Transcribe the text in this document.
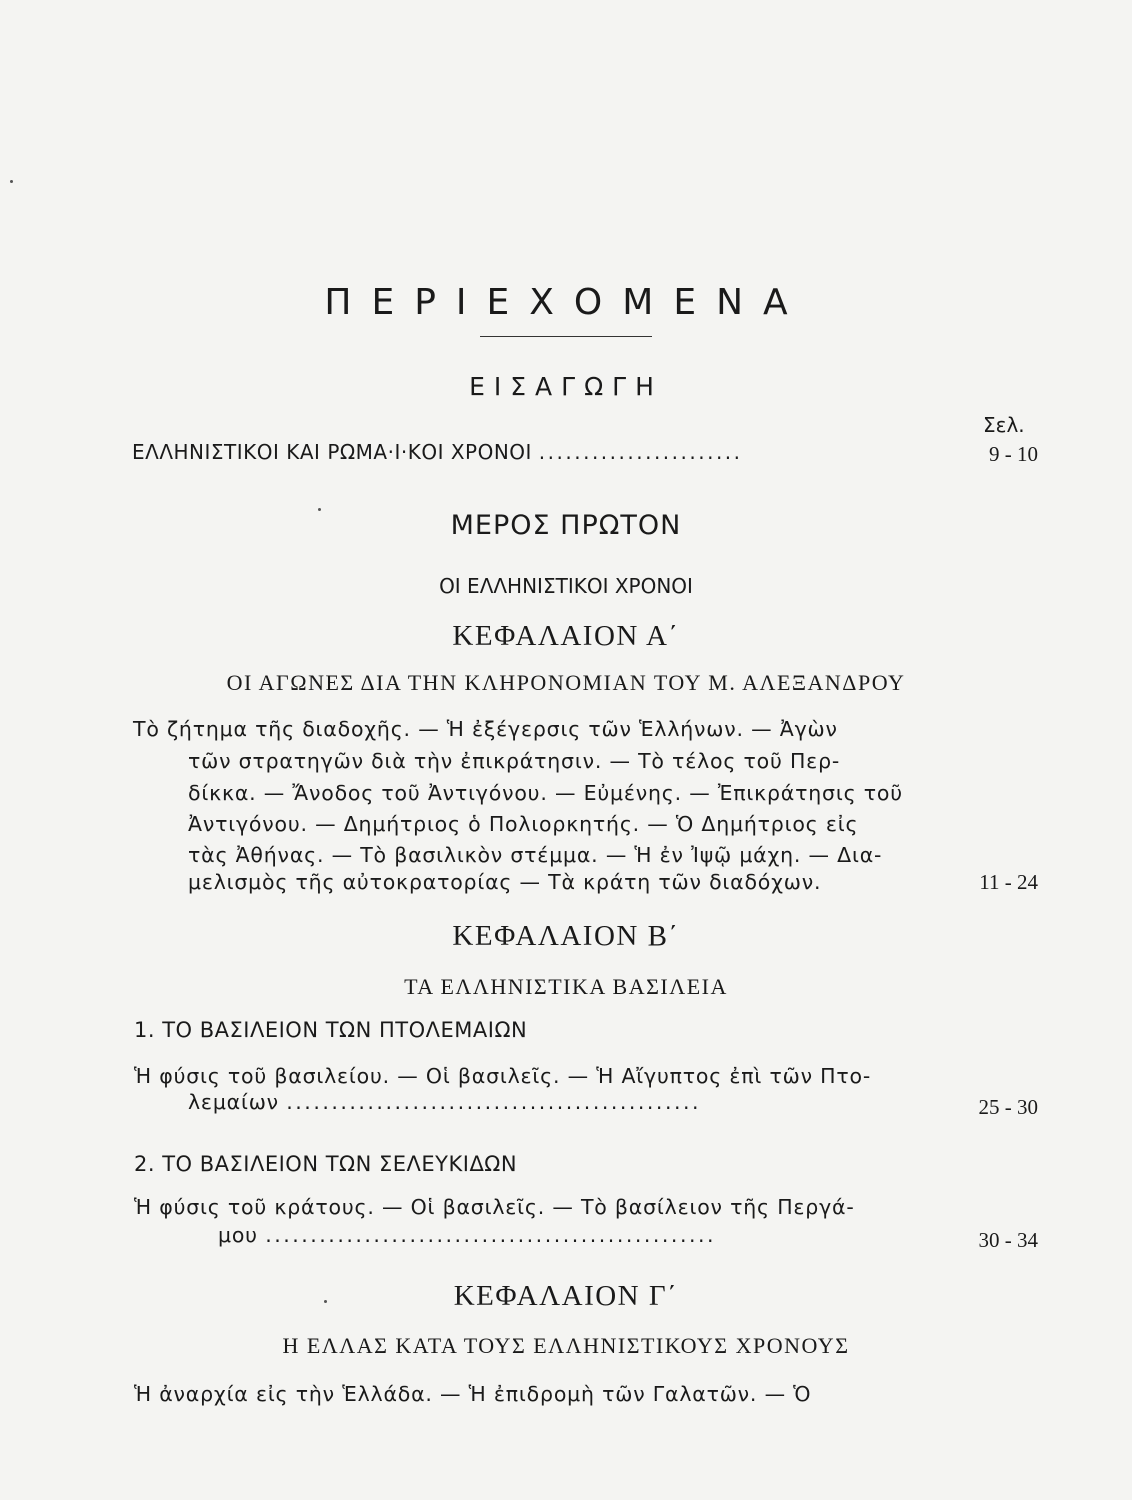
ΠΕΡΙΕΧΟΜΕΝΑ
ΕΙΣΑΓΩΓΗ
Σελ.
ΕΛΛΗΝΙΣΤΙΚΟΙ ΚΑΙ ΡΩΜΑ·Ι·ΚΟΙ ΧΡΟΝΟΙ .......................	9 - 10
ΜΕΡΟΣ ΠΡΩΤΟΝ
ΟΙ ΕΛΛΗΝΙΣΤΙΚΟΙ ΧΡΟΝΟΙ
ΚΕΦΑΛΑΙΟΝ Α΄
ΟΙ ΑΓΩΝΕΣ ΔΙΑ ΤΗΝ ΚΛΗΡΟΝΟΜΙΑΝ ΤΟΥ Μ. ΑΛΕΞΑΝΔΡΟΥ
Τὸ ζήτημα τῆς διαδοχῆς. — Ἡ ἐξέγερσις τῶν Ἑλλήνων. — Ἀγὼν
τῶν στρατηγῶν διὰ τὴν ἐπικράτησιν. — Τὸ τέλος τοῦ Περ-
δίκκα. — Ἄνοδος τοῦ Ἀντιγόνου. — Εὐμένης. — Ἐπικράτησις τοῦ
Ἀντιγόνου. — Δημήτριος ὁ Πολιορκητής. — Ὁ Δημήτριος εἰς
τὰς Ἀθήνας. — Τὸ βασιλικὸν στέμμα. — Ἡ ἐν Ἰψῷ μάχη. — Δια-
μελισμὸς τῆς αὐτοκρατορίας — Τὰ κράτη τῶν διαδόχων.	11 - 24
ΚΕΦΑΛΑΙΟΝ Β΄
ΤΑ ΕΛΛΗΝΙΣΤΙΚΑ ΒΑΣΙΛΕΙΑ
1. ΤΟ ΒΑΣΙΛΕΙΟΝ ΤΩΝ ΠΤΟΛΕΜΑΙΩΝ
Ἡ φύσις τοῦ βασιλείου. — Οἱ βασιλεῖς. — Ἡ Αἴγυπτος ἐπὶ τῶν Πτο-
λεμαίων ..............................................	25 - 30
2. ΤΟ ΒΑΣΙΛΕΙΟΝ ΤΩΝ ΣΕΛΕΥΚΙΔΩΝ
Ἡ φύσις τοῦ κράτους. — Οἱ βασιλεῖς. — Τὸ βασίλειον τῆς Περγά-
μου ..................................................	30 - 34
ΚΕΦΑΛΑΙΟΝ Γ΄
Η ΕΛΛΑΣ ΚΑΤΑ ΤΟΥΣ ΕΛΛΗΝΙΣΤΙΚΟΥΣ ΧΡΟΝΟΥΣ
Ἡ ἀναρχία εἰς τὴν Ἑλλάδα. — Ἡ ἐπιδρομὴ τῶν Γαλατῶν. — Ὁ
